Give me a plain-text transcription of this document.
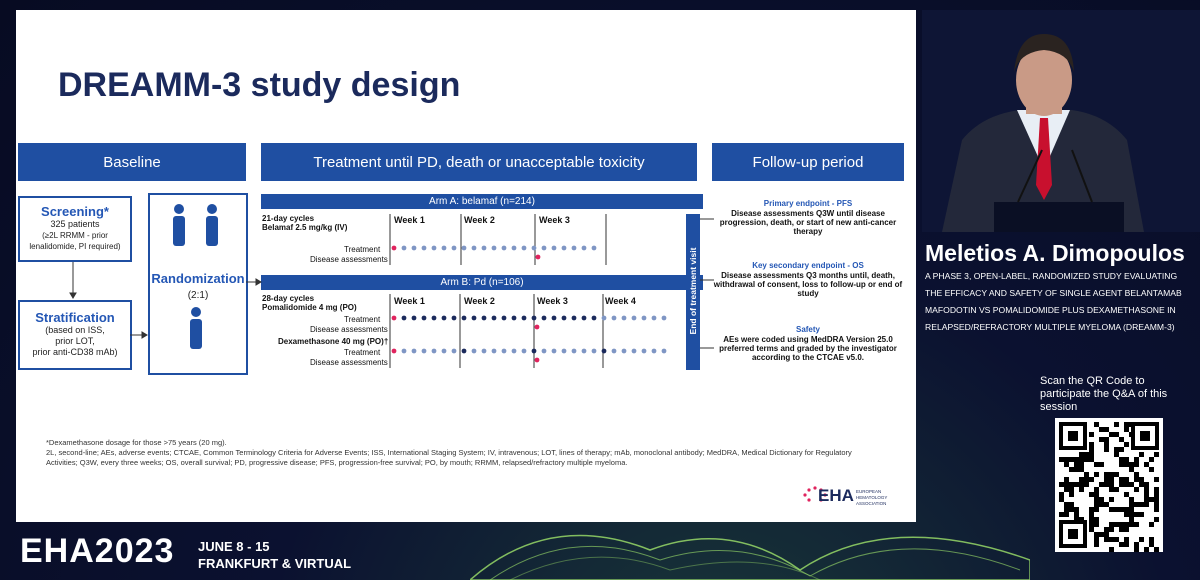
DREAMM-3 study design
Baseline	Treatment until PD, death or unacceptable toxicity	Follow-up period
Screening*
325 patients
(≥2L RRMM - prior
lenalidomide, PI required)
Stratification
(based on ISS,
prior LOT,
prior anti-CD38 mAb)
Randomization
(2:1)
Arm A: belamaf (n=214)
Arm B: Pd (n=106)
21-day cycles
Belamaf 2.5 mg/kg (IV)
Week 1	Week 2	Week 3
Treatment
Disease assessments
28-day cycles
Pomalidomide 4 mg (PO)
Week 1	Week 2	Week 3	Week 4
Treatment
Disease assessments
Dexamethasone 40 mg (PO)†
Treatment
Disease assessments
End of treatment visit
Primary endpoint - PFS
Disease assessments Q3W until disease progression, death, or start of new anti-cancer therapy
Key secondary endpoint - OS
Disease assessments Q3 months until, death, withdrawal of consent, loss to follow-up or end of study
Safety
AEs were coded using MedDRA Version 25.0 preferred terms and graded by the investigator according to the CTCAE v5.0.
*Dexamethasone dosage for those >75 years (20 mg).
2L, second-line; AEs, adverse events; CTCAE, Common Terminology Criteria for Adverse Events; ISS, International Staging System; IV, intravenous; LOT, lines of therapy; mAb, monoclonal antibody; MedDRA, Medical Dictionary for Regulatory Activities; Q3W, every three weeks; OS, overall survival; PD, progressive disease; PFS, progression-free survival; PO, by mouth; RRMM, relapsed/refractory multiple myeloma.
EHA EUROPEAN HEMATOLOGY ASSOCIATION
Meletios A. Dimopoulos
A PHASE 3, OPEN-LABEL, RANDOMIZED STUDY EVALUATING THE EFFICACY AND SAFETY OF SINGLE AGENT BELANTAMAB MAFODOTIN VS POMALIDOMIDE PLUS DEXAMETHASONE IN RELAPSED/REFRACTORY MULTIPLE MYELOMA (DREAMM-3)
Scan the QR Code to participate the Q&A of this session
EHA2023 JUNE 8 - 15
FRANKFURT & VIRTUAL
